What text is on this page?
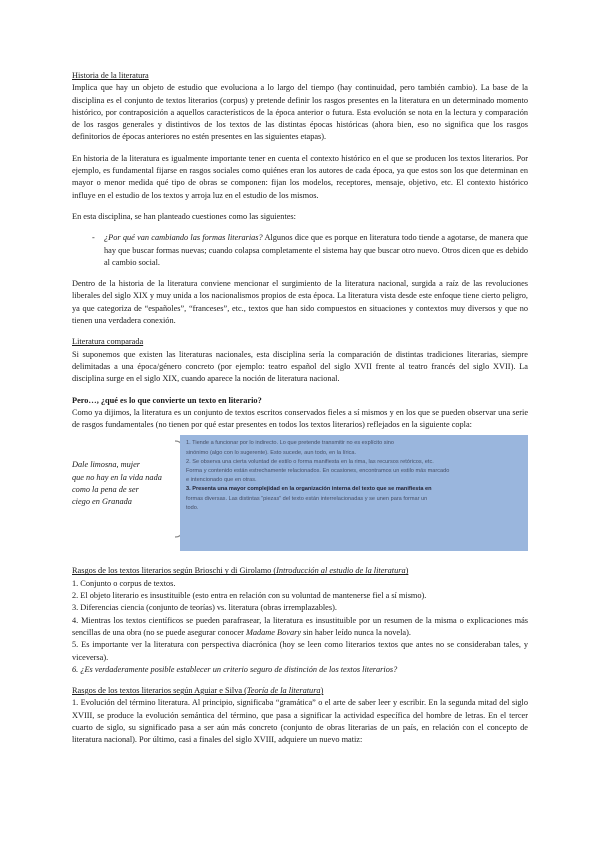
Historia de la literatura

Implica que hay un objeto de estudio que evoluciona a lo largo del tiempo (hay continuidad, pero también cambio). La base de la disciplina es el conjunto de textos literarios (corpus) y pretende definir los rasgos presentes en la literatura en un determinado momento histórico, por contraposición a aquellos característicos de la época anterior o futura. Esta evolución se nota en la lectura y comparación de los rasgos generales y distintivos de los textos de las distintas épocas históricas (ahora bien, eso no significa que los rasgos definitorios de épocas anteriores no estén presentes en las siguientes etapas).

En historia de la literatura es igualmente importante tener en cuenta el contexto histórico en el que se producen los textos literarios. Por ejemplo, es fundamental fijarse en rasgos sociales como quiénes eran los autores de cada época, ya que estos son los que determinan en mayor o menor medida qué tipo de obras se componen: fijan los modelos, receptores, mensaje, objetivo, etc. El contexto histórico influye en el estudio de los textos y arroja luz en el estudio de los mismos.

En esta disciplina, se han planteado cuestiones como las siguientes:

-	¿Por qué van cambiando las formas literarias? Algunos dice que es porque en literatura todo tiende a agotarse, de manera que hay que buscar formas nuevas; cuando colapsa completamente el sistema hay que buscar otro nuevo. Otros dicen que es debido al cambio social.

Dentro de la historia de la literatura conviene mencionar el surgimiento de la literatura nacional, surgida a raíz de las revoluciones liberales del siglo XIX y muy unida a los nacionalismos propios de esta época. La literatura vista desde este enfoque tiene cierto peligro, ya que categoriza de “españoles”, “franceses”, etc., textos que han sido compuestos en situaciones y contextos muy diversos y que no tienen una verdadera conexión.

Literatura comparada

Si suponemos que existen las literaturas nacionales, esta disciplina sería la comparación de distintas tradiciones literarias, siempre delimitadas a una época/género concreto (por ejemplo: teatro español del siglo XVII frente al teatro francés del siglo XVII). La disciplina surge en el siglo XIX, cuando aparece la noción de literatura nacional.

Pero…, ¿qué es lo que convierte un texto en literario?

Como ya dijimos, la literatura es un conjunto de textos escritos conservados fieles a sí mismos y en los que se pueden observar una serie de rasgos fundamentales (no tienen por qué estar presentes en todos los textos literarios) reflejados en la siguiente copla:

Dale limosna, mujer
que no hay en la vida nada
como la pena de ser
ciego en Granada

1. Tiende a funcionar por lo indirecto. Lo que pretende transmitir no es explícito sino

sinónimo (algo con lo sugerente). Esto sucede, aun todo, en la lírica.

2. Se observa una cierta voluntad de estilo o forma manifiesta en la rima, las recursos retóricos, etc.

Forma y contenido están estrechamente relacionados. En ocasiones, encontramos un estilo más marcado

e intencionado que en otras.

3. Presenta una mayor complejidad en la organización interna del texto que se manifiesta en

formas diversas. Las distintas “piezas” del texto están interrelacionadas y se unen para formar un

todo.

Rasgos de los textos literarios según Brioschi y di Girolamo (Introducción al estudio de la literatura)

1. Conjunto o corpus de textos.
2. El objeto literario es insustituible (esto entra en relación con su voluntad de mantenerse fiel a sí mismo).
3. Diferencias ciencia (conjunto de teorías) vs. literatura (obras irremplazables).
4. Mientras los textos científicos se pueden parafrasear, la literatura es insustituible por un resumen de la misma o explicaciones más sencillas de una obra (no se puede asegurar conocer Madame Bovary sin haber leído nunca la novela).
5. Es importante ver la literatura con perspectiva diacrónica (hoy se leen como literarios textos que antes no se consideraban tales, y viceversa).
6. ¿Es verdaderamente posible establecer un criterio seguro de distinción de los textos literarios?

Rasgos de los textos literarios según Aguiar e Silva (Teoría de la literatura)

1. Evolución del término literatura. Al principio, significaba “gramática” o el arte de saber leer y escribir. En la segunda mitad del siglo XVIII, se produce la evolución semántica del término, que pasa a significar la actividad específica del hombre de letras. En el tercer cuarto de siglo, su significado pasa a ser aún más concreto (conjunto de obras literarias de un país, en relación con el concepto de literatura nacional). Por último, casi a finales del siglo XVIII, adquiere un nuevo matiz:
